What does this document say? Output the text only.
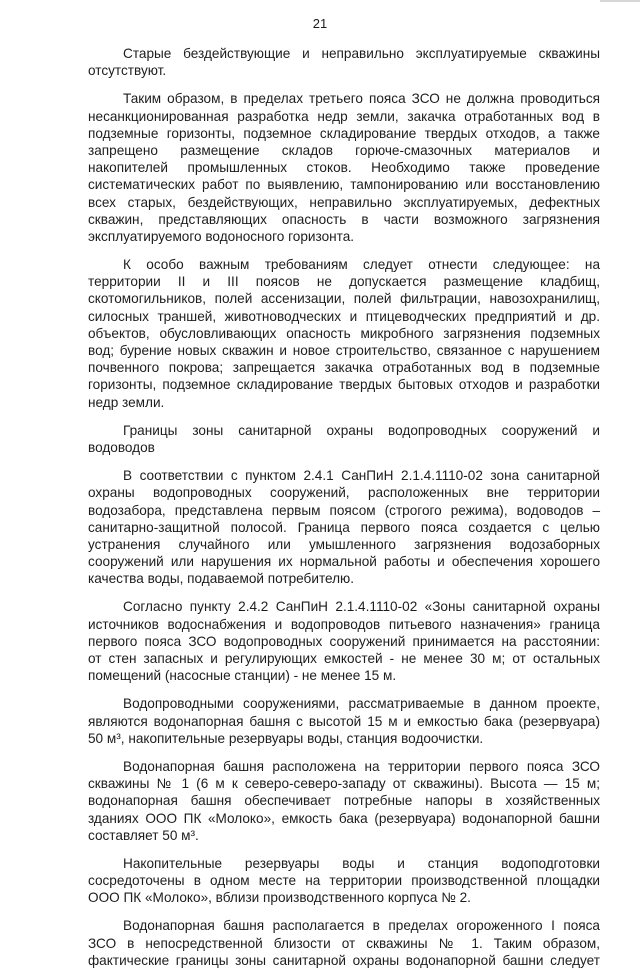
21
Старые бездействующие и неправильно эксплуатируемые скважины
отсутствуют.
Таким образом, в пределах третьего пояса ЗСО не должна проводиться
несанкционированная разработка недр земли, закачка отработанных вод в
подземные горизонты, подземное складирование твердых отходов, а также
запрещено размещение складов горюче-смазочных материалов и
накопителей промышленных стоков. Необходимо также проведение
систематических работ по выявлению, тампонированию или восстановлению
всех старых, бездействующих, неправильно эксплуатируемых, дефектных
скважин, представляющих опасность в части возможного загрязнения
эксплуатируемого водоносного горизонта.
К особо важным требованиям следует отнести следующее: на
территории II и III поясов не допускается размещение кладбищ,
скотомогильников, полей ассенизации, полей фильтрации, навозохранилищ,
силосных траншей, животноводческих и птицеводческих предприятий и др.
объектов, обусловливающих опасность микробного загрязнения подземных
вод; бурение новых скважин и новое строительство, связанное с нарушением
почвенного покрова; запрещается закачка отработанных вод в подземные
горизонты, подземное складирование твердых бытовых отходов и разработки
недр земли.
Границы зоны санитарной охраны водопроводных сооружений и
водоводов
В соответствии с пунктом 2.4.1 СанПиН 2.1.4.1110-02 зона санитарной
охраны водопроводных сооружений, расположенных вне территории
водозабора, представлена первым поясом (строгого режима), водоводов –
санитарно-защитной полосой. Граница первого пояса создается с целью
устранения случайного или умышленного загрязнения водозаборных
сооружений или нарушения их нормальной работы и обеспечения хорошего
качества воды, подаваемой потребителю.
Согласно пункту 2.4.2 СанПиН 2.1.4.1110-02 «Зоны санитарной охраны
источников водоснабжения и водопроводов питьевого назначения» граница
первого пояса ЗСО водопроводных сооружений принимается на расстоянии:
от стен запасных и регулирующих емкостей - не менее 30 м; от остальных
помещений (насосные станции) - не менее 15 м.
Водопроводными сооружениями, рассматриваемые в данном проекте,
являются водонапорная башня с высотой 15 м и емкостью бака (резервуара)
50 м³, накопительные резервуары воды, станция водоочистки.
Водонапорная башня расположена на территории первого пояса ЗСО
скважины № 1 (6 м к северо-северо-западу от скважины). Высота — 15 м;
водонапорная башня обеспечивает потребные напоры в хозяйственных
зданиях ООО ПК «Молоко», емкость бака (резервуара) водонапорной башни
составляет 50 м³.
Накопительные резервуары воды и станция водоподготовки
сосредоточены в одном месте на территории производственной площадки
ООО ПК «Молоко», вблизи производственного корпуса № 2.
Водонапорная башня располагается в пределах огороженного I пояса
ЗСО в непосредственной близости от скважины № 1. Таким образом,
фактические границы зоны санитарной охраны водонапорной башни следует
